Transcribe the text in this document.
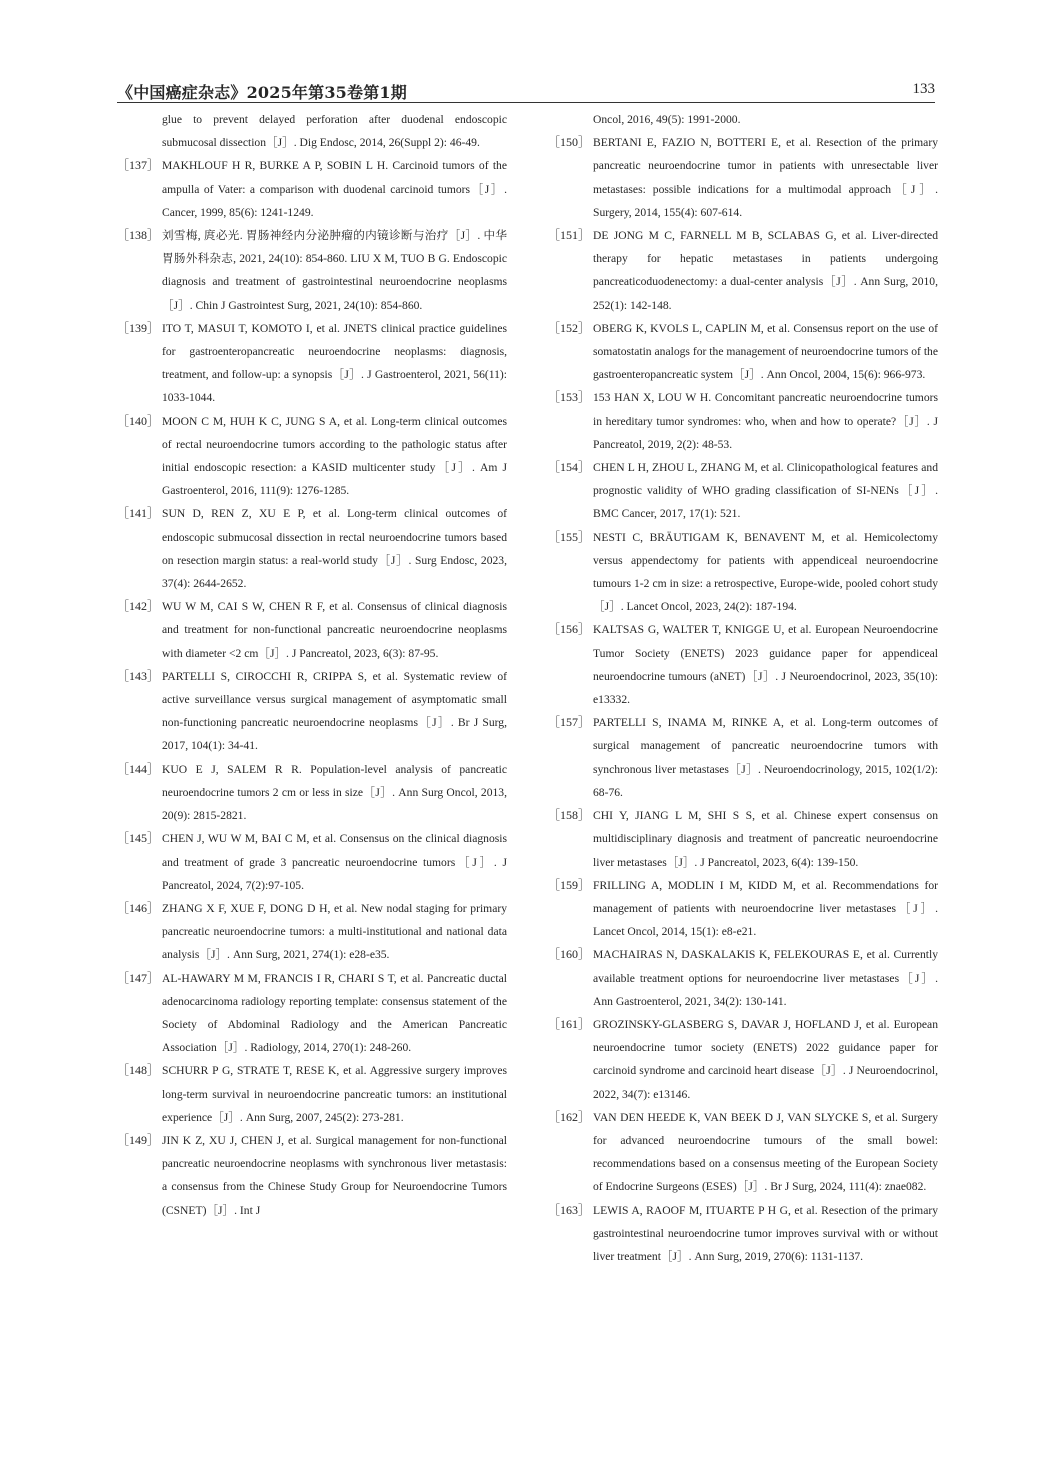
《中国癌症杂志》2025年第35卷第1期	133

glue to prevent delayed perforation after duodenal endoscopic submucosal dissection［J］. Dig Endosc, 2014, 26(Suppl 2): 46-49.

［137］ MAKHLOUF H R, BURKE A P, SOBIN L H. Carcinoid tumors of the ampulla of Vater: a comparison with duodenal carcinoid tumors［J］. Cancer, 1999, 85(6): 1241-1249.

［138］ 刘雪梅, 庹必光. 胃肠神经内分泌肿瘤的内镜诊断与治疗［J］. 中华胃肠外科杂志, 2021, 24(10): 854-860. LIU X M, TUO B G. Endoscopic diagnosis and treatment of gastrointestinal neuroendocrine neoplasms［J］. Chin J Gastrointest Surg, 2021, 24(10): 854-860.

［139］ ITO T, MASUI T, KOMOTO I, et al. JNETS clinical practice guidelines for gastroenteropancreatic neuroendocrine neoplasms: diagnosis, treatment, and follow-up: a synopsis［J］. J Gastroenterol, 2021, 56(11): 1033-1044.

［140］ MOON C M, HUH K C, JUNG S A, et al. Long-term clinical outcomes of rectal neuroendocrine tumors according to the pathologic status after initial endoscopic resection: a KASID multicenter study［J］. Am J Gastroenterol, 2016, 111(9): 1276-1285.

［141］ SUN D, REN Z, XU E P, et al. Long-term clinical outcomes of endoscopic submucosal dissection in rectal neuroendocrine tumors based on resection margin status: a real-world study［J］. Surg Endosc, 2023, 37(4): 2644-2652.

［142］ WU W M, CAI S W, CHEN R F, et al. Consensus of clinical diagnosis and treatment for non-functional pancreatic neuroendocrine neoplasms with diameter <2 cm［J］. J Pancreatol, 2023, 6(3): 87-95.

［143］ PARTELLI S, CIROCCHI R, CRIPPA S, et al. Systematic review of active surveillance versus surgical management of asymptomatic small non-functioning pancreatic neuroendocrine neoplasms［J］. Br J Surg, 2017, 104(1): 34-41.

［144］ KUO E J, SALEM R R. Population-level analysis of pancreatic neuroendocrine tumors 2 cm or less in size［J］. Ann Surg Oncol, 2013, 20(9): 2815-2821.

［145］ CHEN J, WU W M, BAI C M, et al. Consensus on the clinical diagnosis and treatment of grade 3 pancreatic neuroendocrine tumors［J］. J Pancreatol, 2024, 7(2):97-105.

［146］ ZHANG X F, XUE F, DONG D H, et al. New nodal staging for primary pancreatic neuroendocrine tumors: a multi-institutional and national data analysis［J］. Ann Surg, 2021, 274(1): e28-e35.

［147］ AL-HAWARY M M, FRANCIS I R, CHARI S T, et al. Pancreatic ductal adenocarcinoma radiology reporting template: consensus statement of the Society of Abdominal Radiology and the American Pancreatic Association［J］. Radiology, 2014, 270(1): 248-260.

［148］ SCHURR P G, STRATE T, RESE K, et al. Aggressive surgery improves long-term survival in neuroendocrine pancreatic tumors: an institutional experience［J］. Ann Surg, 2007, 245(2): 273-281.

［149］ JIN K Z, XU J, CHEN J, et al. Surgical management for non-functional pancreatic neuroendocrine neoplasms with synchronous liver metastasis: a consensus from the Chinese Study Group for Neuroendocrine Tumors (CSNET)［J］. Int J

Oncol, 2016, 49(5): 1991-2000.

［150］ BERTANI E, FAZIO N, BOTTERI E, et al. Resection of the primary pancreatic neuroendocrine tumor in patients with unresectable liver metastases: possible indications for a multimodal approach［J］. Surgery, 2014, 155(4): 607-614.

［151］ DE JONG M C, FARNELL M B, SCLABAS G, et al. Liver-directed therapy for hepatic metastases in patients undergoing pancreaticoduodenectomy: a dual-center analysis［J］. Ann Surg, 2010, 252(1): 142-148.

［152］ OBERG K, KVOLS L, CAPLIN M, et al. Consensus report on the use of somatostatin analogs for the management of neuroendocrine tumors of the gastroenteropancreatic system［J］. Ann Oncol, 2004, 15(6): 966-973.

［153］ 153 HAN X, LOU W H. Concomitant pancreatic neuroendocrine tumors in hereditary tumor syndromes: who, when and how to operate?［J］. J Pancreatol, 2019, 2(2): 48-53.

［154］ CHEN L H, ZHOU L, ZHANG M, et al. Clinicopathological features and prognostic validity of WHO grading classification of SI-NENs［J］. BMC Cancer, 2017, 17(1): 521.

［155］ NESTI C, BRÄUTIGAM K, BENAVENT M, et al. Hemicolectomy versus appendectomy for patients with appendiceal neuroendocrine tumours 1-2 cm in size: a retrospective, Europe-wide, pooled cohort study［J］. Lancet Oncol, 2023, 24(2): 187-194.

［156］ KALTSAS G, WALTER T, KNIGGE U, et al. European Neuroendocrine Tumor Society (ENETS) 2023 guidance paper for appendiceal neuroendocrine tumours (aNET)［J］. J Neuroendocrinol, 2023, 35(10): e13332.

［157］ PARTELLI S, INAMA M, RINKE A, et al. Long-term outcomes of surgical management of pancreatic neuroendocrine tumors with synchronous liver metastases［J］. Neuroendocrinology, 2015, 102(1/2): 68-76.

［158］ CHI Y, JIANG L M, SHI S S, et al. Chinese expert consensus on multidisciplinary diagnosis and treatment of pancreatic neuroendocrine liver metastases［J］. J Pancreatol, 2023, 6(4): 139-150.

［159］ FRILLING A, MODLIN I M, KIDD M, et al. Recommendations for management of patients with neuroendocrine liver metastases［J］. Lancet Oncol, 2014, 15(1): e8-e21.

［160］ MACHAIRAS N, DASKALAKIS K, FELEKOURAS E, et al. Currently available treatment options for neuroendocrine liver metastases［J］. Ann Gastroenterol, 2021, 34(2): 130-141.

［161］ GROZINSKY-GLASBERG S, DAVAR J, HOFLAND J, et al. European neuroendocrine tumor society (ENETS) 2022 guidance paper for carcinoid syndrome and carcinoid heart disease［J］. J Neuroendocrinol, 2022, 34(7): e13146.

［162］ VAN DEN HEEDE K, VAN BEEK D J, VAN SLYCKE S, et al. Surgery for advanced neuroendocrine tumours of the small bowel: recommendations based on a consensus meeting of the European Society of Endocrine Surgeons (ESES)［J］. Br J Surg, 2024, 111(4): znae082.

［163］ LEWIS A, RAOOF M, ITUARTE P H G, et al. Resection of the primary gastrointestinal neuroendocrine tumor improves survival with or without liver treatment［J］. Ann Surg, 2019, 270(6): 1131-1137.
